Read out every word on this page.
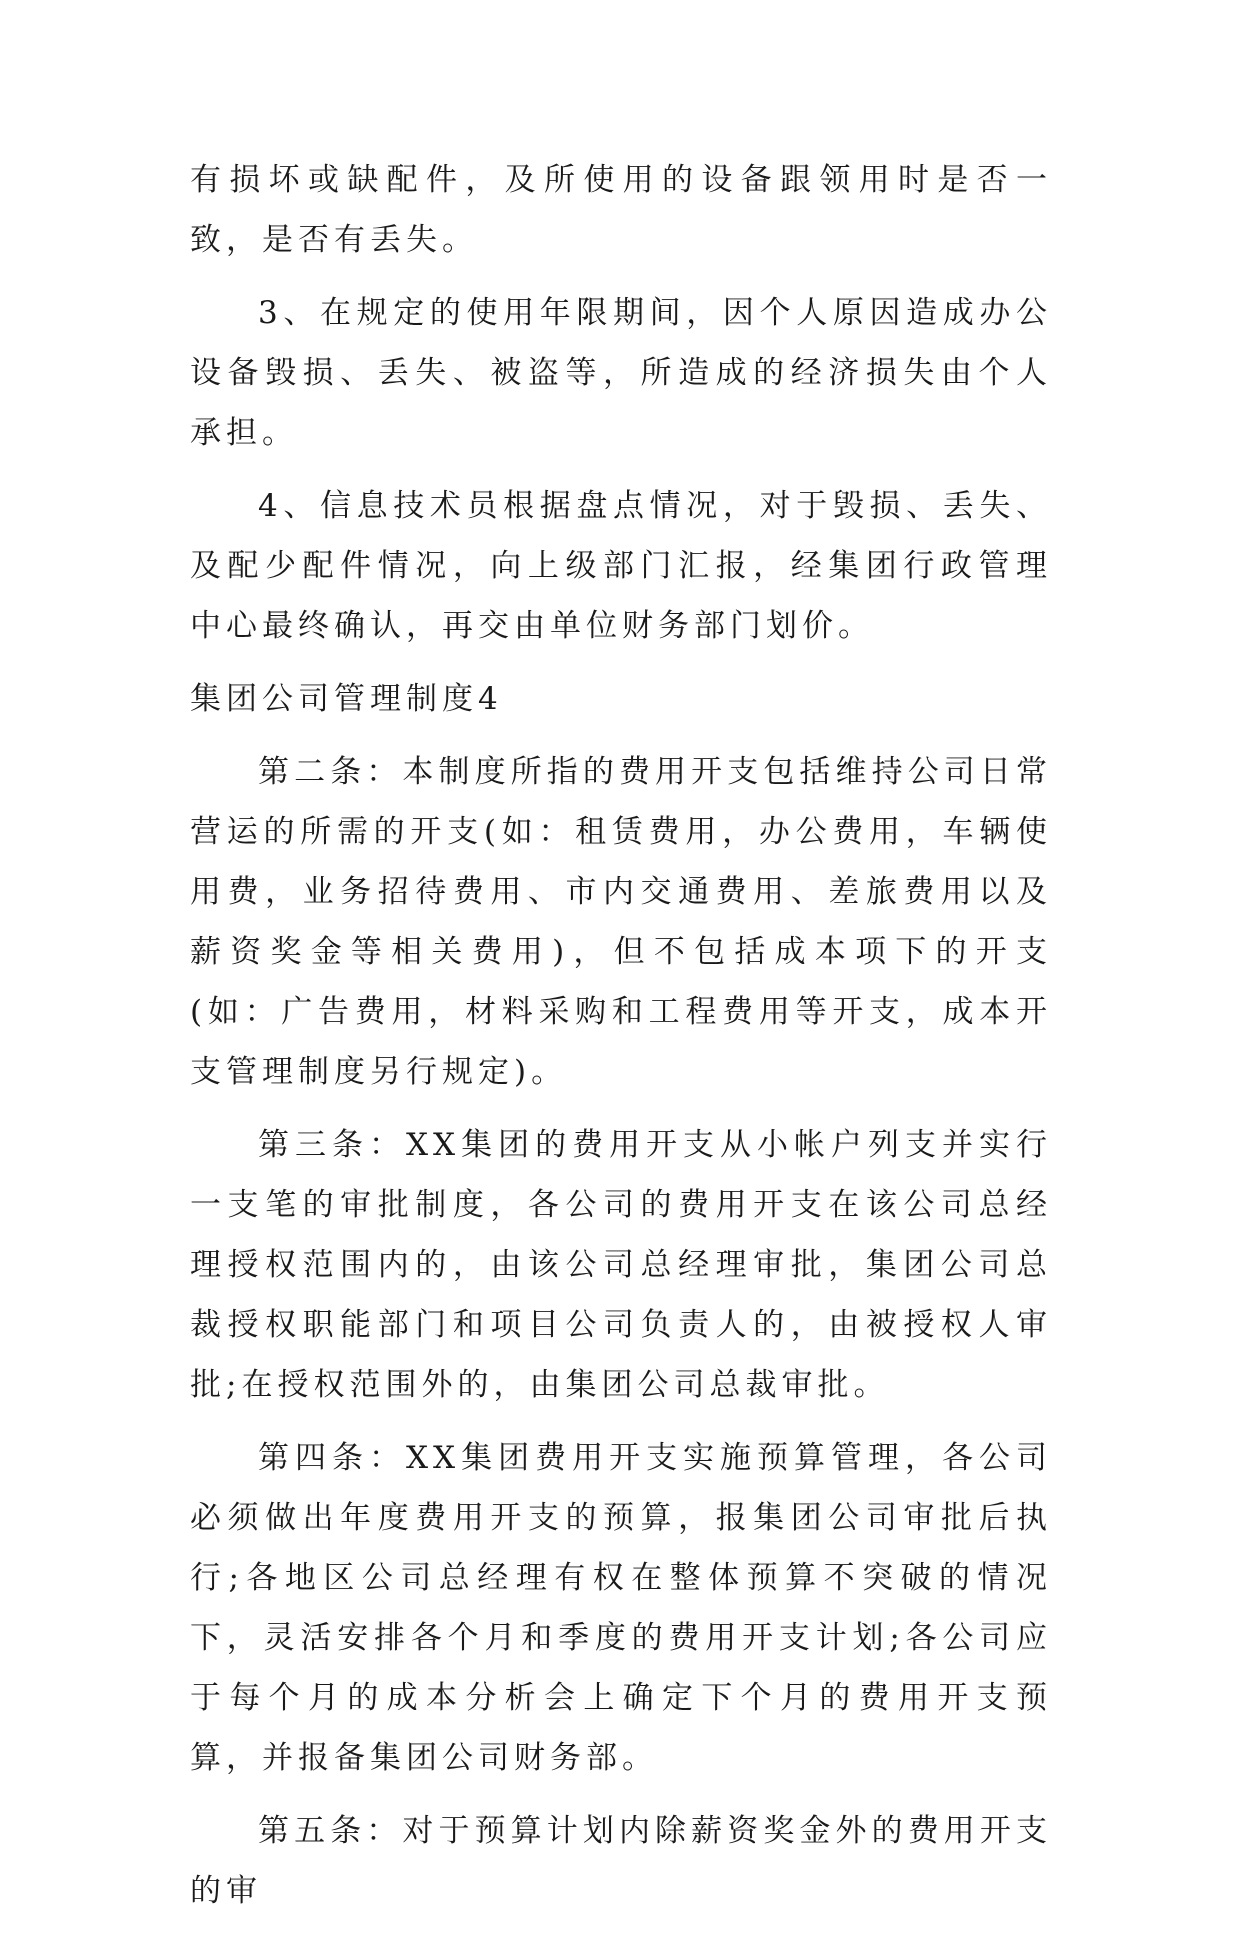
有损坏或缺配件，及所使用的设备跟领用时是否一致，是否有丢失。

3、在规定的使用年限期间，因个人原因造成办公设备毁损、丢失、被盗等，所造成的经济损失由个人承担。

4、信息技术员根据盘点情况，对于毁损、丢失、及配少配件情况，向上级部门汇报，经集团行政管理中心最终确认，再交由单位财务部门划价。

集团公司管理制度4

第二条：本制度所指的费用开支包括维持公司日常营运的所需的开支(如：租赁费用，办公费用，车辆使用费，业务招待费用、市内交通费用、差旅费用以及薪资奖金等相关费用)，但不包括成本项下的开支(如：广告费用，材料采购和工程费用等开支，成本开支管理制度另行规定)。

第三条：XX集团的费用开支从小帐户列支并实行一支笔的审批制度，各公司的费用开支在该公司总经理授权范围内的，由该公司总经理审批，集团公司总裁授权职能部门和项目公司负责人的，由被授权人审批;在授权范围外的，由集团公司总裁审批。

第四条：XX集团费用开支实施预算管理，各公司必须做出年度费用开支的预算，报集团公司审批后执行;各地区公司总经理有权在整体预算不突破的情况下，灵活安排各个月和季度的费用开支计划;各公司应于每个月的成本分析会上确定下个月的费用开支预算，并报备集团公司财务部。

第五条：对于预算计划内除薪资奖金外的费用开支的审
